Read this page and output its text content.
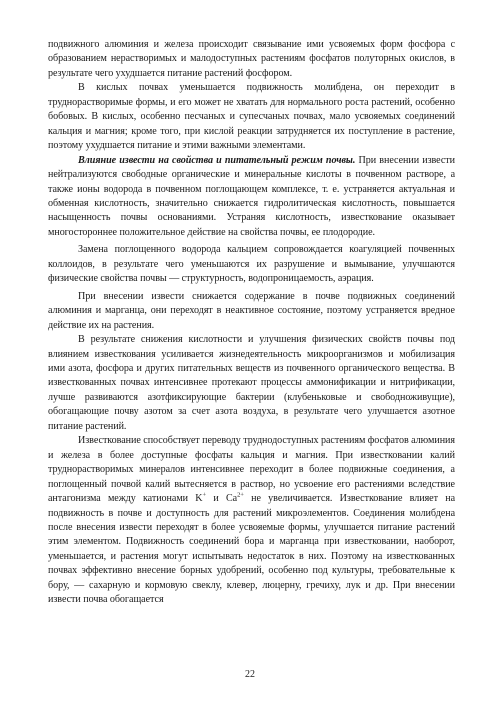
подвижного алюминия и железа происходит связывание ими усвояемых форм фосфора с образованием нерастворимых и малодоступных растениям фосфатов полуторных окислов, в результате чего ухудшается питание растений фосфором.

В кислых почвах уменьшается подвижность молибдена, он переходит в труднорастворимые формы, и его может не хватать для нормального роста растений, особенно бобовых. В кислых, особенно песчаных и супесчаных почвах, мало усвояемых соединений кальция и магния; кроме того, при кислой реакции затрудняется их поступление в растение, поэтому ухудшается питание и этими важными элементами.

Влияние извести на свойства и питательный режим почвы. При внесении извести нейтрализуются свободные органические и минеральные кислоты в почвенном растворе, а также ионы водорода в почвенном поглощающем комплексе, т. е. устраняется актуальная и обменная кислотность, значительно снижается гидролитическая кислотность, повышается насыщенность почвы основаниями. Устраняя кислотность, известкование оказывает многостороннее положительное действие на свойства почвы, ее плодородие.

Замена поглощенного водорода кальцием сопровождается коагуляцией почвенных коллоидов, в результате чего уменьшаются их разрушение и вымывание, улучшаются физические свойства почвы — структурность, водопроницаемость, аэрация.

При внесении извести снижается содержание в почве подвижных соединений алюминия и марганца, они переходят в неактивное состояние, поэтому устраняется вредное действие их на растения.

В результате снижения кислотности и улучшения физических свойств почвы под влиянием известкования усиливается жизнедеятельность микроорганизмов и мобилизация ими азота, фосфора и других питательных веществ из почвенного органического вещества. В известкованных почвах интенсивнее протекают процессы аммонификации и нитрификации, лучше развиваются азотфиксирующие бактерии (клубеньковые и свободноживущие), обогащающие почву азотом за счет азота воздуха, в результате чего улучшается азотное питание растений.

Известкование способствует переводу труднодоступных растениям фосфатов алюминия и железа в более доступные фосфаты кальция и магния. При известковании калий труднорастворимых минералов интенсивнее переходит в более подвижные соединения, а поглощенный почвой калий вытесняется в раствор, но усвоение его растениями вследствие антагонизма между катионами K+ и $Ca^{2+}$ не увеличивается. Известкование влияет на подвижность в почве и доступность для растений микроэлементов. Соединения молибдена после внесения извести переходят в более усвояемые формы, улучшается питание растений этим элементом. Подвижность соединений бора и марганца при известковании, наоборот, уменьшается, и растения могут испытывать недостаток в них. Поэтому на известкованных почвах эффективно внесение борных удобрений, особенно под культуры, требовательные к бору, — сахарную и кормовую свеклу, клевер, люцерну, гречиху, лук и др. При внесении извести почва обогащается

22
